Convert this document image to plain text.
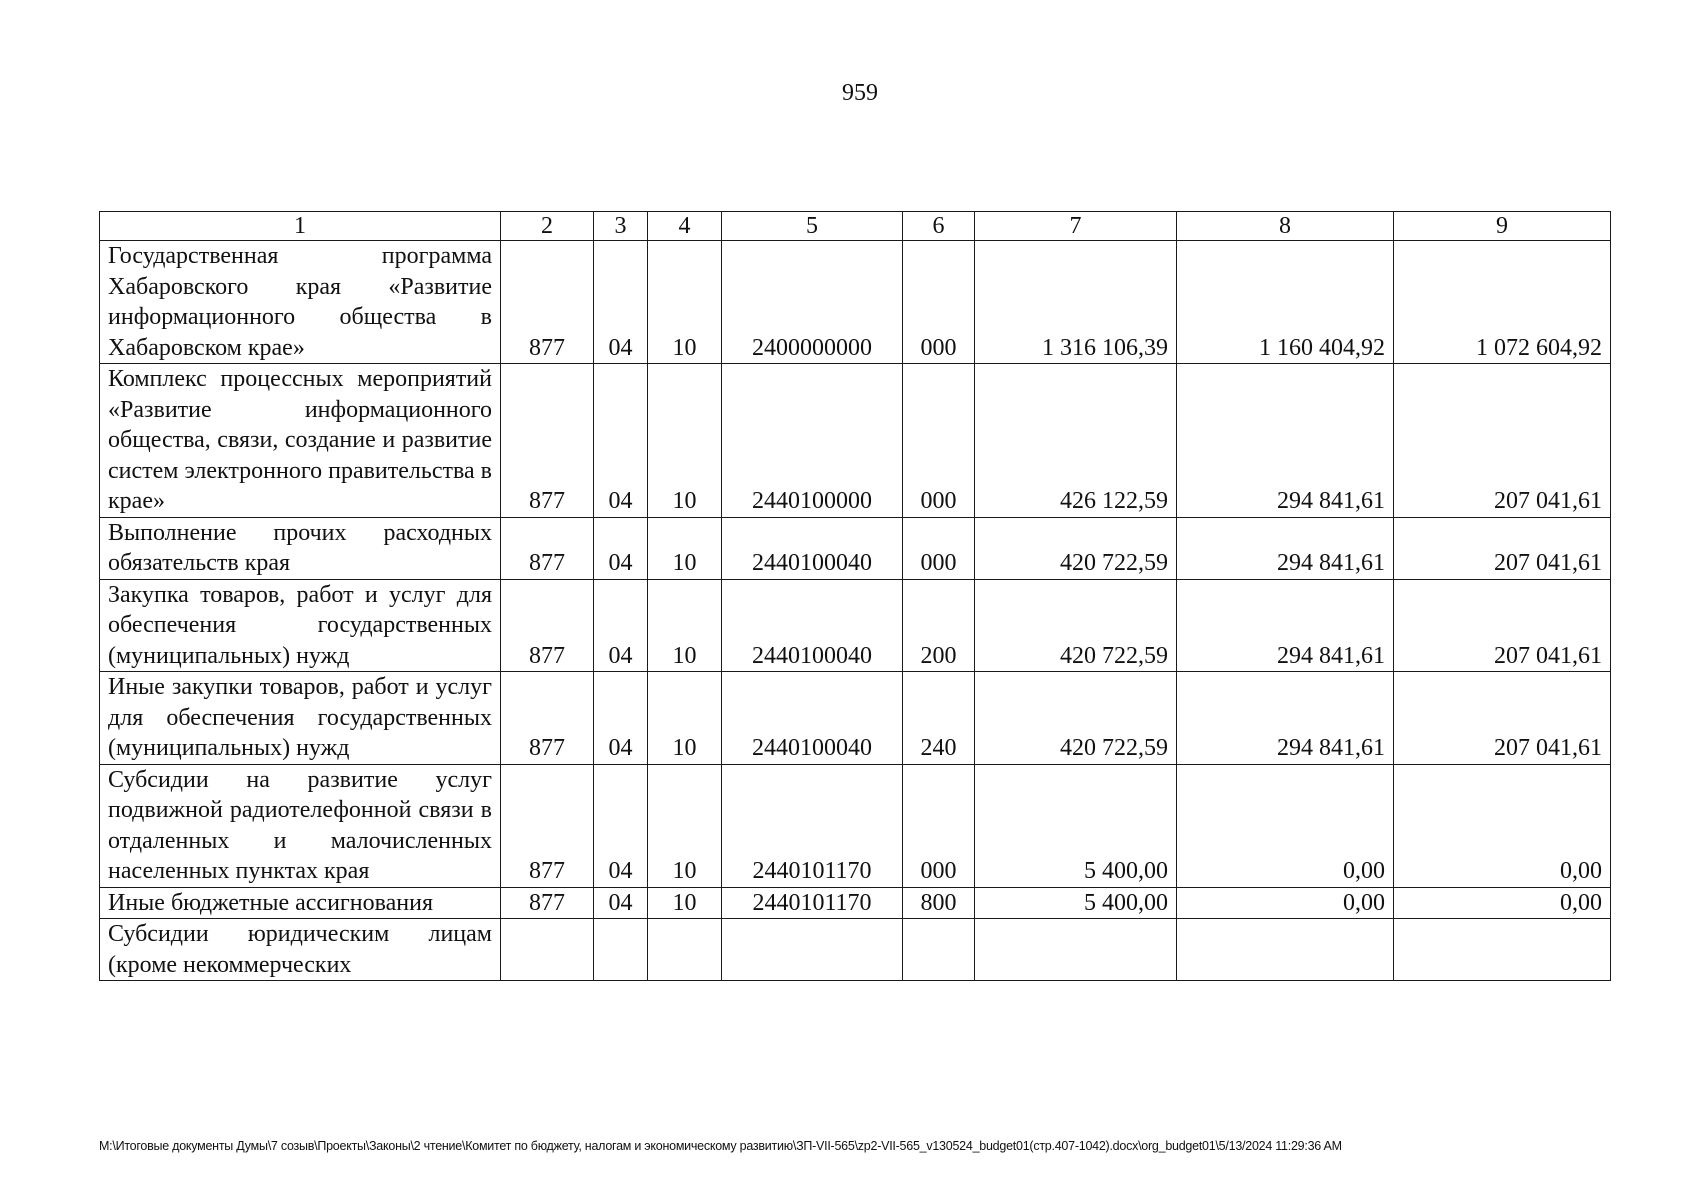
959
1	2	3	4	5	6	7	8	9
Государственная программа Хабаровского края «Развитие информационного общества в Хабаровском крае»	877	04	10	2400000000	000	1 316 106,39	1 160 404,92	1 072 604,92
Комплекс процессных мероприятий «Развитие информационного общества, связи, создание и развитие систем электронного правительства в крае»	877	04	10	2440100000	000	426 122,59	294 841,61	207 041,61
Выполнение прочих расходных обязательств края	877	04	10	2440100040	000	420 722,59	294 841,61	207 041,61
Закупка товаров, работ и услуг для обеспечения государственных (муниципальных) нужд	877	04	10	2440100040	200	420 722,59	294 841,61	207 041,61
Иные закупки товаров, работ и услуг для обеспечения государственных (муниципальных) нужд	877	04	10	2440100040	240	420 722,59	294 841,61	207 041,61
Субсидии на развитие услуг подвижной радиотелефонной связи в отдаленных и малочисленных населенных пунктах края	877	04	10	2440101170	000	5 400,00	0,00	0,00
Иные бюджетные ассигнования	877	04	10	2440101170	800	5 400,00	0,00	0,00
Субсидии юридическим лицам (кроме некоммерческих								
M:\Итоговые документы Думы\7 созыв\Проекты\Законы\2 чтение\Комитет по бюджету, налогам и экономическому развитию\ЗП-VII-565\zp2-VII-565_v130524_budget01(стр.407-1042).docx\org_budget01\5/13/2024 11:29:36 AM
